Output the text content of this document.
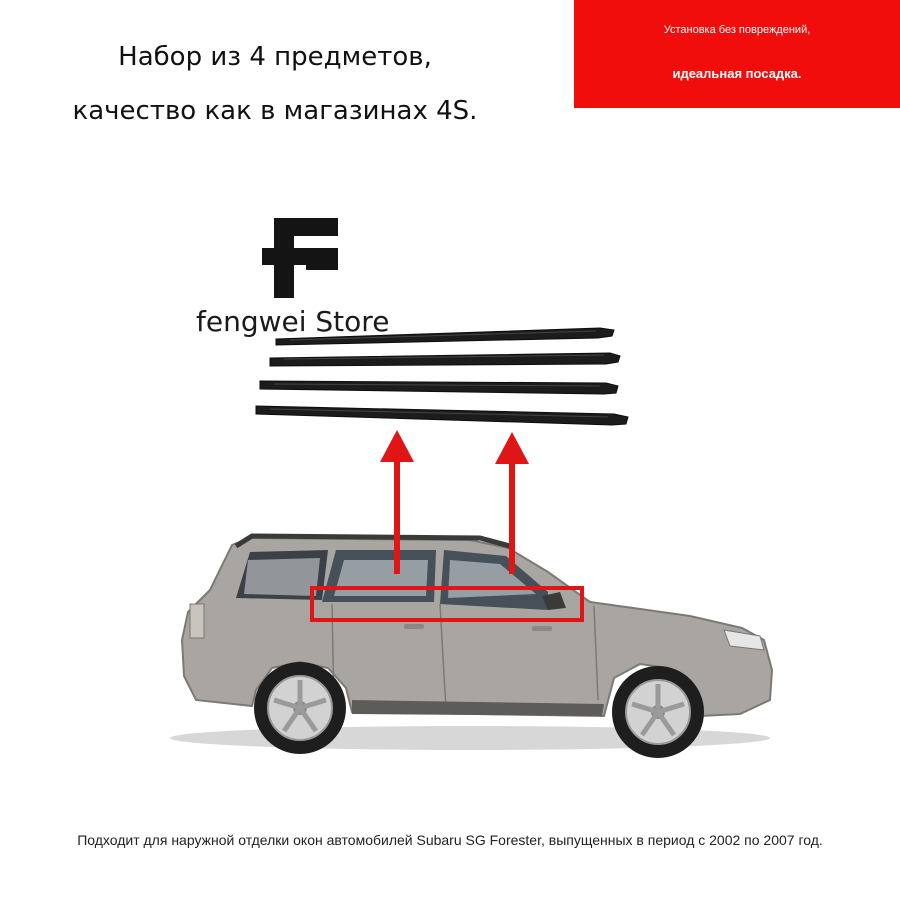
Набор из 4 предметов,
качество как в магазинах 4S.
Установка без повреждений,
идеальная посадка.
fengwei Store
Подходит для наружной отделки окон автомобилей Subaru SG Forester, выпущенных в период с 2002 по 2007 год.
